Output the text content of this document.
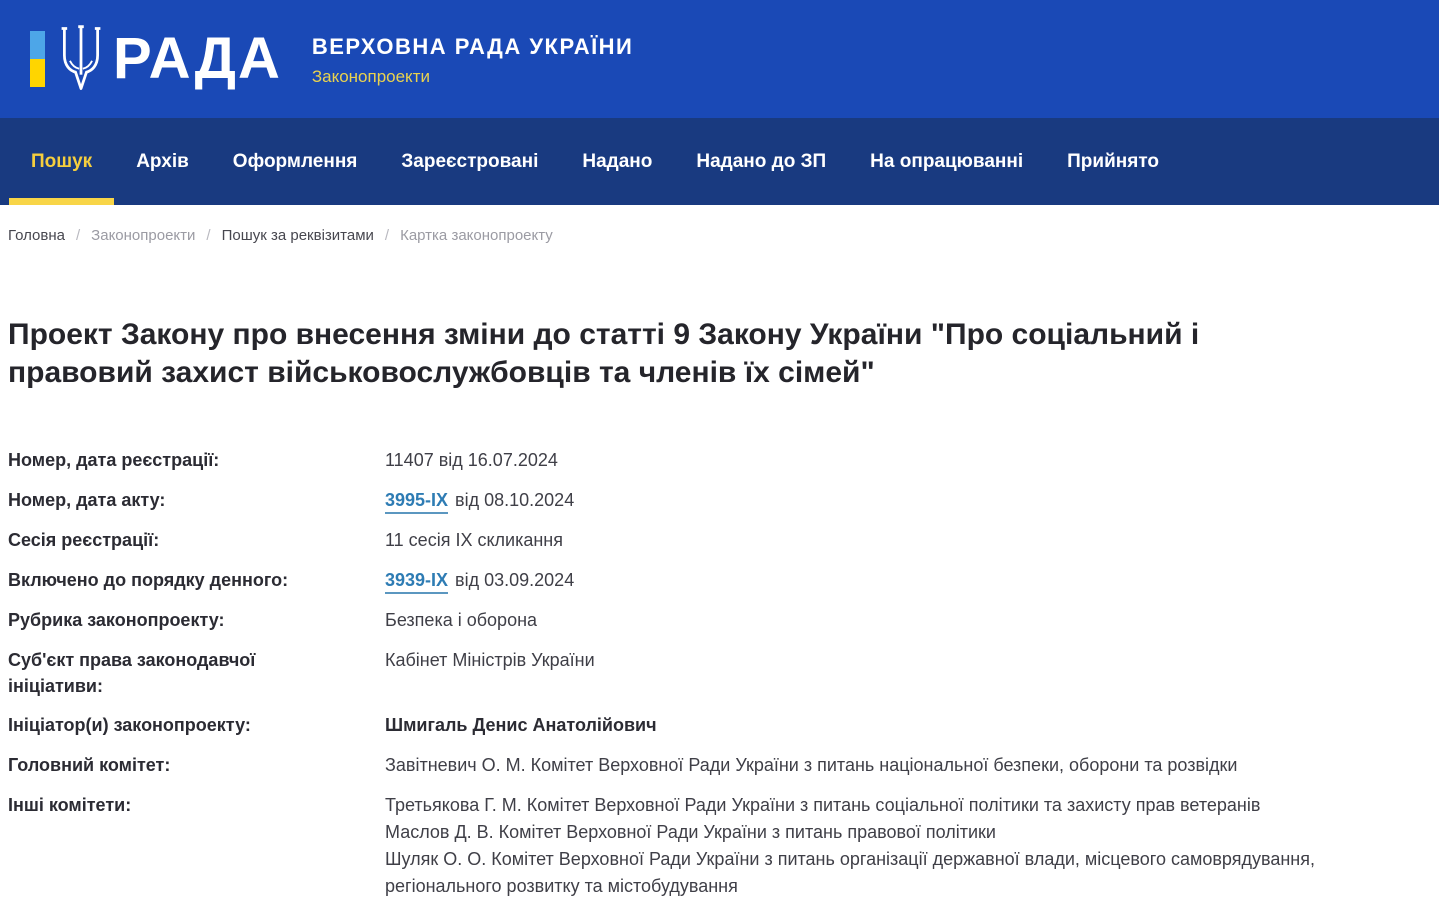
РАДА ВЕРХОВНА РАДА УКРАЇНИ
Законопроекти
Пошук	Архів	Оформлення	Зареєстровані	Надано	Надано до ЗП	На опрацюванні	Прийнято
Головна / Законопроекти / Пошук за реквізитами / Картка законопроекту
Проект Закону про внесення зміни до статті 9 Закону України "Про соціальний і правовий захист військовослужбовців та членів їх сімей"
Номер, дата реєстрації:	11407 від 16.07.2024
Номер, дата акту:	3995-IX від 08.10.2024
Сесія реєстрації:	11 сесія IX скликання
Включено до порядку денного:	3939-IX від 03.09.2024
Рубрика законопроекту:	Безпека і оборона
Суб'єкт права законодавчої ініціативи:
Кабінет Міністрів України
Ініціатор(и) законопроекту:	Шмигаль Денис Анатолійович
Головний комітет:	Завітневич О. М. Комітет Верховної Ради України з питань національної безпеки, оборони та розвідки
Інші комітети:	Третьякова Г. М. Комітет Верховної Ради України з питань соціальної політики та захисту прав ветеранів
Маслов Д. В. Комітет Верховної Ради України з питань правової політики
Шуляк О. О. Комітет Верховної Ради України з питань організації державної влади, місцевого самоврядування, регіонального розвитку та містобудування
